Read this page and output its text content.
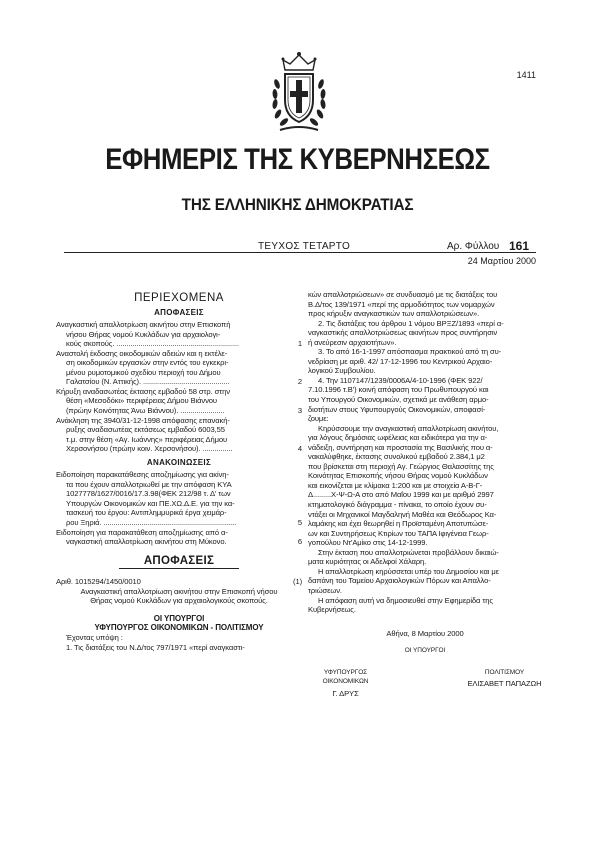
1411
ΕΦΗΜΕΡΙΣ ΤΗΣ ΚΥΒΕΡΝΗΣΕΩΣ
ΤΗΣ ΕΛΛΗΝΙΚΗΣ ΔΗΜΟΚΡΑΤΙΑΣ
ΤΕΥΧΟΣ ΤΕΤΑΡΤΟ	Αρ. Φύλλου 161
24 Μαρτίου 2000
ΠΕΡΙΕΧΟΜΕΝΑ
ΑΠΟΦΑΣΕΙΣ
Αναγκαστική απαλλοτρίωση ακινήτου στην Επισκοπή
νήσου Θήρας νομού Κυκλάδων για αρχαιολογι-
κούς σκοπούς. .............................................................	1
Αναστολή έκδοσης οικοδομικών αδειών και η εκτέλε-
ση οικοδομικών εργασιών στην εντός του εγκεκρι-
μένου ρυμοτομικού σχεδίου περιοχή του Δήμου
Γαλατσίου (Ν. Αττικής). ...........................................	2
Κήρυξη αναδασωτέας έκτασης εμβαδού 58 στρ. στην
θέση «Μεσοδόκι» περιφέρειας Δήμου Βιάννου
(πρώην Κοινότητας Άνω Βιάννου). ......................	3
Ανάκληση της 3940/31-12-1998 απόφασης επανακή-
ρυξης αναδασωτέας εκτάσεως εμβαδού 6003,55
τ.μ. στην θέση «Αγ. Ιωάννης» περιφέρειας Δήμου
Χερσονήσου (πρώην κοιν. Χερσονήσου). ...............	4
ΑΝΑΚΟΙΝΩΣΕΙΣ
Ειδοποίηση παρακατάθεσης αποζημίωσης για ακίνη-
τα που έχουν απαλλοτριωθεί με την απόφαση ΚΥΑ
1027778/1627/0016/17.3.98(ΦΕΚ 212/98 τ. Δ' των
Υπουργών Οικονομικών και ΠΕ.ΧΩ.Δ.Ε. για την κα-
τασκευή του έργου: Αντιπλημμυρικά έργα χειμάρ-
ρου Ξηριά. ..................................................................	5
Ειδοποίηση για παρακατάθεση αποζημίωσης από α-
ναγκαστική απαλλοτρίωση ακινήτου στη Μύκονο.	6
ΑΠΟΦΑΣΕΙΣ
Αριθ. 1015294/1450/0010	(1)
Αναγκαστική απαλλοτρίωση ακινήτου στην Επισκοπή νήσου
Θήρας νομού Κυκλάδων για αρχαιολογικούς σκοπούς.
ΟΙ ΥΠΟΥΡΓΟΙ
ΥΦΥΠΟΥΡΓΟΣ ΟΙΚΟΝΟΜΙΚΩΝ - ΠΟΛΙΤΙΣΜΟΥ
Έχοντας υπόψη :
1. Τις διατάξεις του Ν.Δ/τος 797/1971 «περί αναγκαστι-
κών απαλλοτριώσεων» σε συνδυασμό με τις διατάξεις του
Β.Δ/τος 139/1971 «περί της αρμοδιότητος των νομαρχών
προς κήρυξιν αναγκαστικών των απαλλοτριώσεων».
2. Τις διατάξεις του άρθρου 1 νόμου ΒΡΞΖ/1893 «περί α-
ναγκαστικής απαλλοτριώσεως ακινήτων προς συντήρησιν
ή ανεύρεσιν αρχαιοτήτων».
3. Το από 16-1-1997 απόσπασμα πρακτικού από τη συ-
νεδρίαση με αριθ. 42/ 17-12-1996 του Κεντρικού Αρχαιο-
λογικού Συμβουλίου.
4. Την 1107147/1239/0006A/4-10-1996 (ΦΕΚ 922/
7.10.1996 τ.Β') κοινή απόφαση του Πρωθυπουργού και
του Υπουργού Οικονομικών, σχετικά με ανάθεση αρμο-
διοτήτων στους Υφυπουργούς Οικονομικών, αποφασί-
ζουμε:
Κηρύσσουμε την αναγκαστική απαλλοτρίωση ακινήτου,
για λόγους δημόσιας ωφέλειας και ειδικότερα για την α-
νάδειξη, συντήρηση και προστασία της Βασιλικής που α-
νακαλύφθηκε, έκτασης συνολικού εμβαδού 2.384,1 μ2
που βρίσκεται στη περιοχή Αγ. Γεώργιος Θαλασσίτης της
Κοινότητας Επισκοπής νήσου Θήρας νομού Κυκλάδων
και εικονίζεται με κλίμακα 1:200 και με στοιχεία Α-Β-Γ-
Δ.........Χ-Ψ-Ω-Α στο από Μαΐου 1999 και με αριθμό 2997
κτηματολογικό διάγραμμα - πίνακα, το οποίο έχουν συ-
ντάξει οι Μηχανικοί Μαγδαληνή Μαθέα και Θεόδωρος Κα-
λαμάκης και έχει θεωρηθεί η Προϊσταμένη Αποτυπώσε-
ων και Συντηρήσεως Κτιρίων του ΤΑΠΑ Ιφιγένεια Γεωρ-
γοπούλου Ντ'Αμίκο στις 14-12-1999.
Στην έκταση που απαλλοτριώνεται προβάλλουν δικαιώ-
ματα κυριότητας οι Αδελφοί Χάλαρη.
Η απαλλοτρίωση κηρύσσεται υπέρ του Δημοσίου και με
δαπάνη του Ταμείου Αρχαιολογικών Πόρων και Απαλλο-
τριώσεων.
Η απόφαση αυτή να δημοσιευθεί στην Εφημερίδα της
Κυβερνήσεως.
Αθήνα, 8 Μαρτίου 2000
ΟΙ ΥΠΟΥΡΓΟΙ
ΥΦΥΠΟΥΡΓΟΣ ΟΙΚΟΝΟΜΙΚΩΝ
Γ. ΔΡΥΣ
ΠΟΛΙΤΙΣΜΟΥ
ΕΛΙΣΑΒΕΤ ΠΑΠΑΖΩΗ
